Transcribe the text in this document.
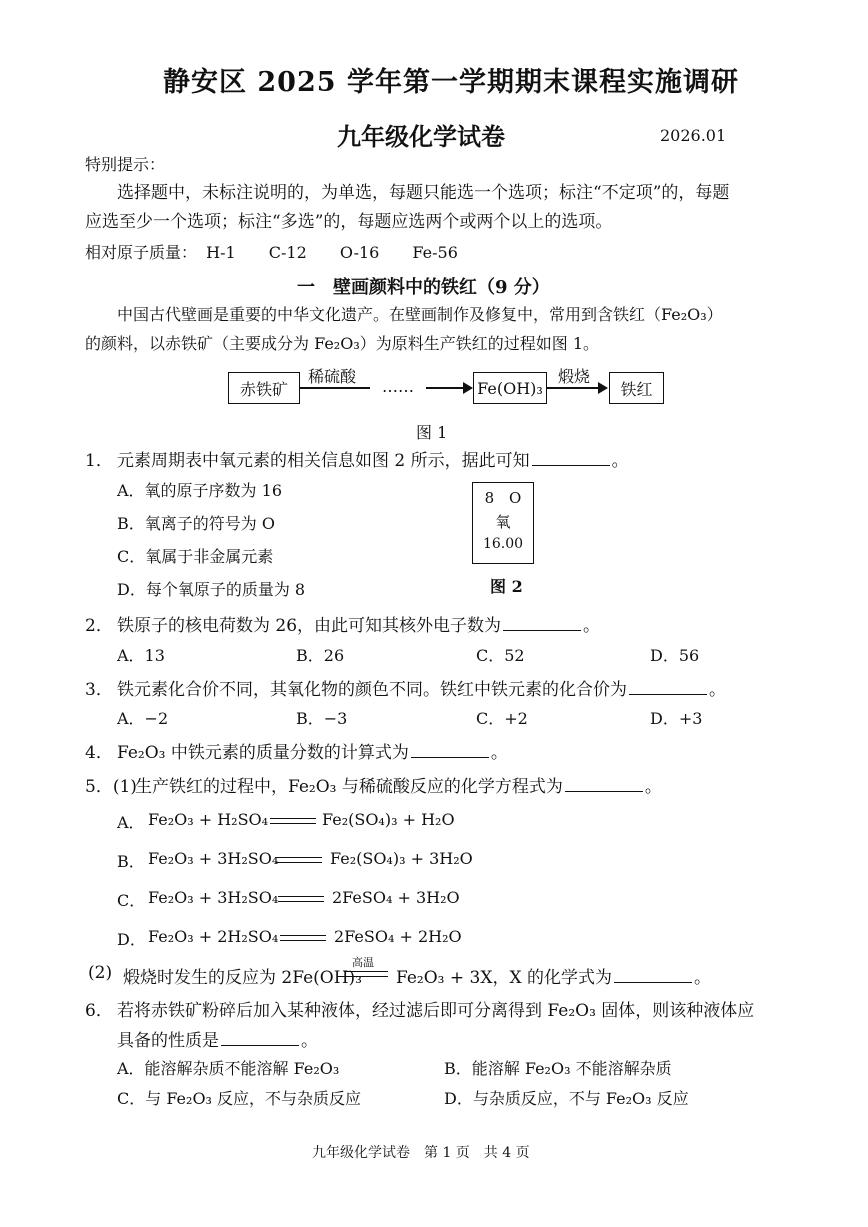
静安区 2025 学年第一学期期末课程实施调研
九年级化学试卷	2026.01
特别提示：
选择题中，未标注说明的，为单选，每题只能选一个选项；标注“不定项”的，每题
应选至少一个选项；标注“多选”的，每题应选两个或两个以上的选项。
相对原子质量： H-1 C-12 O-16 Fe-56
一　壁画颜料中的铁红（9 分）
中国古代壁画是重要的中华文化遗产。在壁画制作及修复中，常用到含铁红（Fe₂O₃）
的颜料，以赤铁矿（主要成分为 Fe₂O₃）为原料生产铁红的过程如图 1。
赤铁矿
稀硫酸
……	Fe(OH)₃
煅烧
铁红
图 1
1． 元素周期表中氧元素的相关信息如图 2 所示，据此可知	。
A．氧的原子序数为 16
B．氧离子的符号为 O
C．氧属于非金属元素
D．每个氧原子的质量为 8
8 O
氧
16.00
图 2
2． 铁原子的核电荷数为 26，由此可知其核外电子数为	。
A．13	B．26	C．52	D．56
3． 铁元素化合价不同，其氧化物的颜色不同。铁红中铁元素的化合价为	。
A．−2	B．−3	C．+2	D．+3
4． Fe₂O₃ 中铁元素的质量分数的计算式为	。
5．(1)
生产铁红的过程中，Fe₂O₃ 与稀硫酸反应的化学方程式为	。
A． Fe₂O₃ + H₂SO₄	Fe₂(SO₄)₃ + H₂O
B． Fe₂O₃ + 3H₂SO₄	Fe₂(SO₄)₃ + 3H₂O
C． Fe₂O₃ + 3H₂SO₄	2FeSO₄ + 3H₂O
D． Fe₂O₃ + 2H₂SO₄	2FeSO₄ + 2H₂O
(2) 煅烧时发生的反应为 2Fe(OH)₃
高温
Fe₂O₃ + 3X，X 的化学式为	。
6． 若将赤铁矿粉碎后加入某种液体，经过滤后即可分离得到 Fe₂O₃ 固体，则该种液体应
具备的性质是	。
A．能溶解杂质不能溶解 Fe₂O₃	B．能溶解 Fe₂O₃ 不能溶解杂质
C．与 Fe₂O₃ 反应，不与杂质反应	D．与杂质反应，不与 Fe₂O₃ 反应
九年级化学试卷　第 1 页　共 4 页
